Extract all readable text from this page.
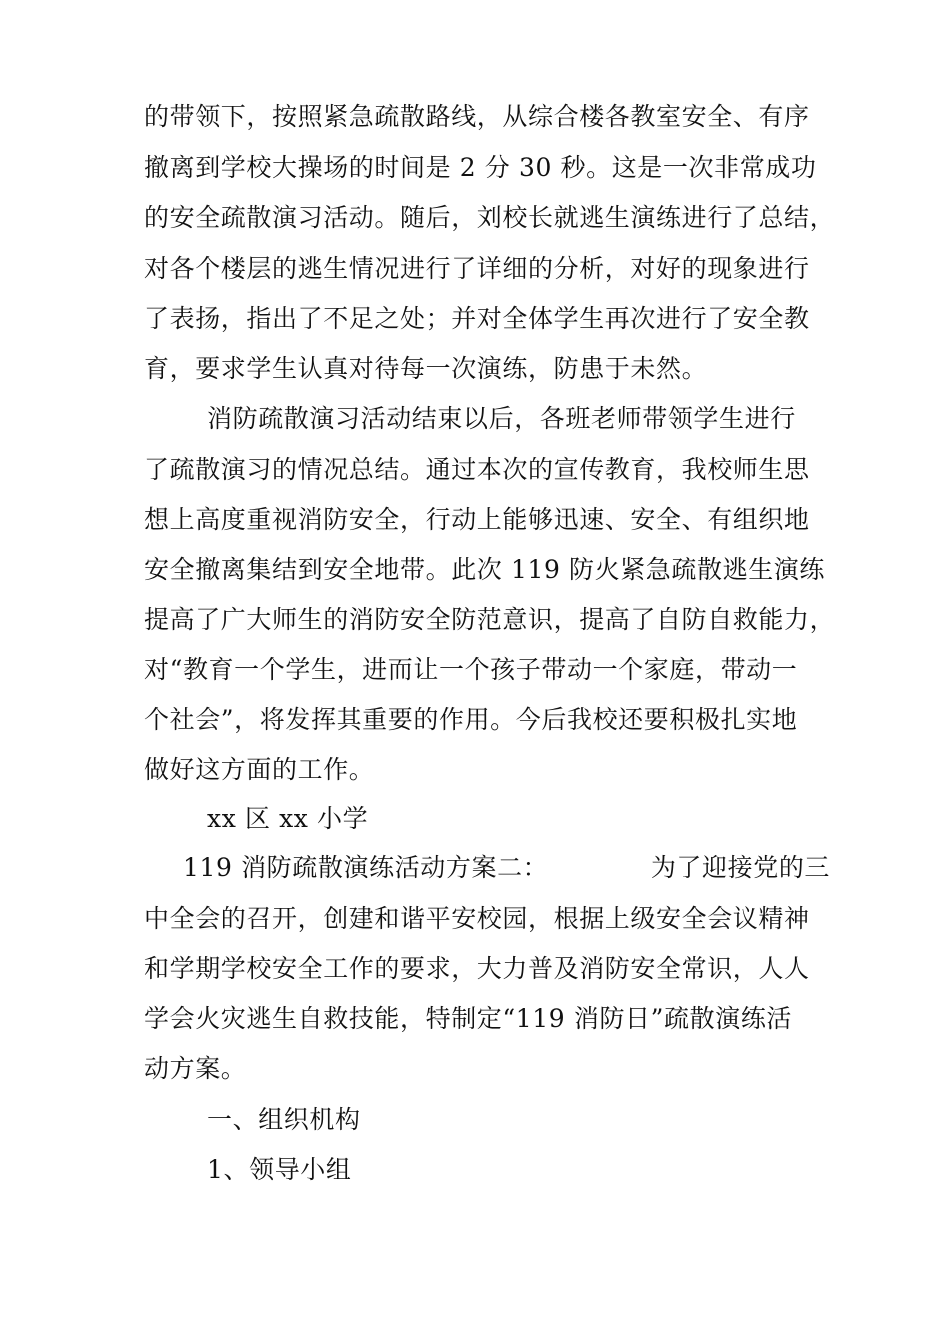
的带领下，按照紧急疏散路线，从综合楼各教室安全、有序
撤离到学校大操场的时间是 2 分 30 秒。这是一次非常成功
的安全疏散演习活动。随后，刘校长就逃生演练进行了总结，
对各个楼层的逃生情况进行了详细的分析，对好的现象进行
了表扬，指出了不足之处；并对全体学生再次进行了安全教
育，要求学生认真对待每一次演练，防患于未然。
消防疏散演习活动结束以后，各班老师带领学生进行
了疏散演习的情况总结。通过本次的宣传教育，我校师生思
想上高度重视消防安全，行动上能够迅速、安全、有组织地
安全撤离集结到安全地带。此次 119 防火紧急疏散逃生演练
提高了广大师生的消防安全防范意识，提高了自防自救能力，
对“教育一个学生，进而让一个孩子带动一个家庭，带动一
个社会”，将发挥其重要的作用。今后我校还要积极扎实地
做好这方面的工作。
xx 区 xx 小学
119 消防疏散演练活动方案二：            为了迎接党的三
中全会的召开，创建和谐平安校园，根据上级安全会议精神
和学期学校安全工作的要求，大力普及消防安全常识，人人
学会火灾逃生自救技能，特制定“119 消防日”疏散演练活
动方案。
一、组织机构
1、领导小组
